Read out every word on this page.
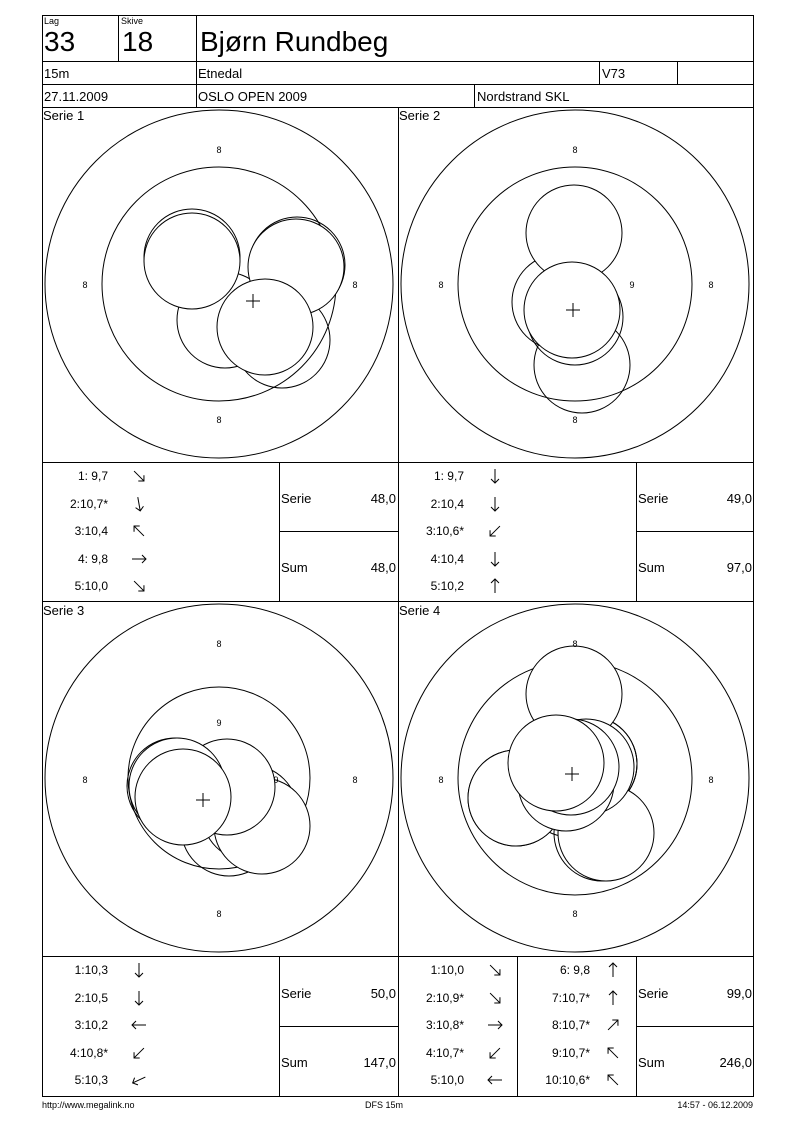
Lag
33
Skive
18 Bjørn Rundbeg
15m	Etnedal	V73
27.11.2009	OSLO OPEN 2009	Nordstrand SKL
Serie 1	Serie 2
Serie 3	Serie 4
8
8	8
8
8
8	9	8
8
8
9
8	9	8
8
8
8	8
8
1: 9,7
2:10,7*
3:10,4
4: 9,8
5:10,0
1: 9,7
2:10,4
3:10,6*
4:10,4
5:10,2
1:10,3
2:10,5
3:10,2
4:10,8*
5:10,3
1:10,0
2:10,9*
3:10,8*
4:10,7*
5:10,0
6: 9,8
7:10,7*
8:10,7*
9:10,7*
10:10,6*
Serie	48,0
Sum	48,0
Serie	49,0
Sum	97,0
Serie	50,0
Sum	147,0
Serie	99,0
Sum	246,0
http://www.megalink.no	DFS 15m	14:57 - 06.12.2009
